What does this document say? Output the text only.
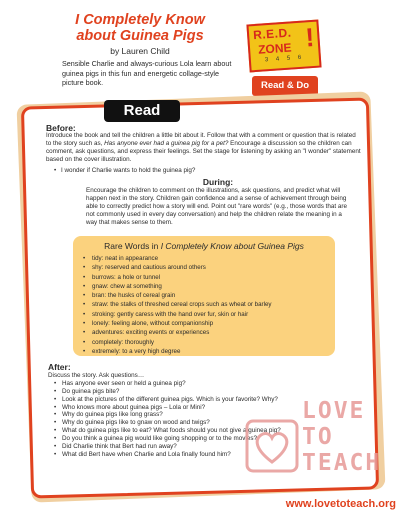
I Completely Know
about Guinea Pigs
by Lauren Child
Sensible Charlie and always-curious Lola learn about guinea pigs in this fun and energetic collage-style picture book.
R.E.D.
ZONE !
3 4 5 6
Read & Do
Read
Before:
Introduce the book and tell the children a little bit about it. Follow that with a comment or question that is related to the story such as, Has anyone ever had a guinea pig for a pet? Encourage a discussion so the children can comment, ask questions, and express their feelings. Set the stage for listening by asking an "I wonder" statement based on the cover illustration.
• I wonder if Charlie wants to hold the guinea pig?
During:
Encourage the children to comment on the illustrations, ask questions, and predict what will happen next in the story. Children gain confidence and a sense of achievement through being able to correctly predict how a story will end. Point out "rare words" (e.g., those words that are not commonly used in every day conversation) and help the children relate the meaning in a way that makes sense to them.
Rare Words in I Completely Know about Guinea Pigs
• tidy: neat in appearance
• shy: reserved and cautious around others
• burrows: a hole or tunnel
• gnaw: chew at something
• bran: the husks of cereal grain
• straw: the stalks of threshed cereal crops such as wheat or barley
• stroking: gently caress with the hand over fur, skin or hair
• lonely: feeling alone, without companionship
• adventures: exciting events or experiences
• completely: thoroughly
• extremely: to a very high degree
After:
Discuss the story. Ask questions…
• Has anyone ever seen or held a guinea pig?
• Do guinea pigs bite?
• Look at the pictures of the different guinea pigs. Which is your favorite? Why?
• Who knows more about guinea pigs – Lola or Mini?
• Why do guinea pigs like long grass?
• Why do guinea pigs like to gnaw on wood and twigs?
• What do guinea pigs like to eat? What foods should you not give a guinea pig?
• Do you think a guinea pig would like going shopping or to the movies?
• Did Charlie think that Bert had run away?
• What did Bert have when Charlie and Lola finally found him?
LOVE
TO
TEACH
www.lovetoteach.org
